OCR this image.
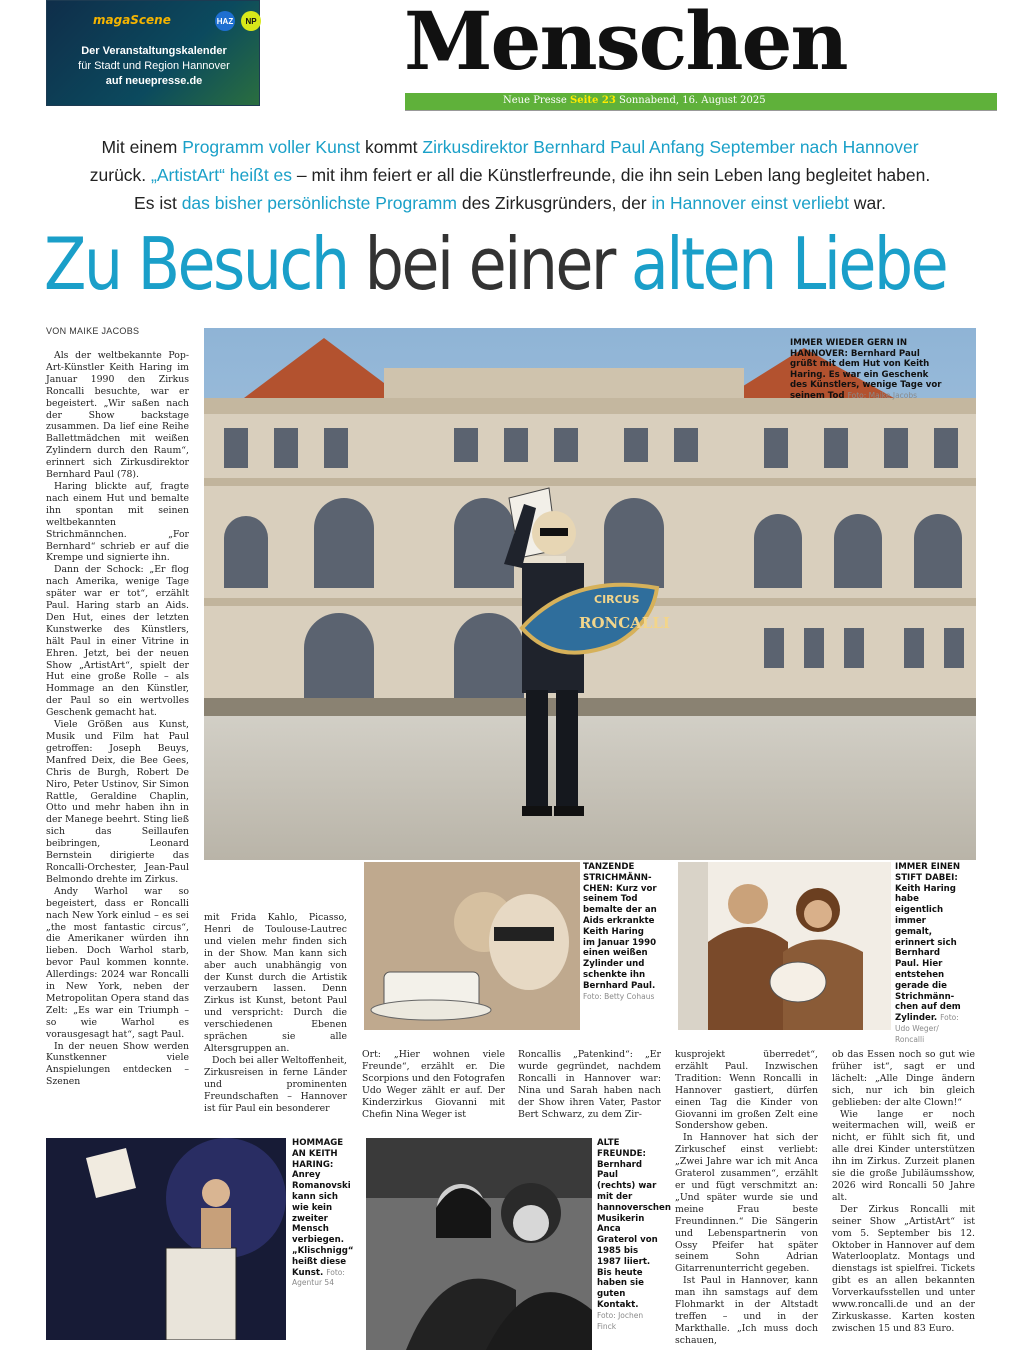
magaScene	HAZ	NP
Der Veranstaltungskalender
für Stadt und Region Hannover
auf neuepresse.de	Menschen
Neue Presse Seite 23 Sonnabend, 16. August 2025
Mit einem Programm voller Kunst kommt Zirkusdirektor Bernhard Paul Anfang September nach Hannover
zurück. „ArtistArt“ heißt es – mit ihm feiert er all die Künstlerfreunde, die ihn sein Leben lang begleitet haben.
Es ist das bisher persönlichste Programm des Zirkusgründers, der in Hannover einst verliebt war.
Zu Besuch bei einer alten Liebe
VON MAIKE JACOBS

Als der weltbekannte Pop-Art-Künstler Keith Haring im Januar 1990 den Zirkus Roncalli besuchte, war er begeistert. „Wir saßen nach der Show backstage zusammen. Da lief eine Reihe Ballettmädchen mit weißen Zylindern durch den Raum“, erinnert sich Zirkusdirektor Bernhard Paul (78).

Haring blickte auf, fragte nach einem Hut und bemalte ihn spontan mit seinen weltbekannten Strichmännchen. „For Bernhard“ schrieb er auf die Krempe und signierte ihn.

Dann der Schock: „Er flog nach Amerika, wenige Tage später war er tot“, erzählt Paul. Haring starb an Aids. Den Hut, eines der letzten Kunstwerke des Künstlers, hält Paul in einer Vitrine in Ehren. Jetzt, bei der neuen Show „ArtistArt“, spielt der Hut eine große Rolle – als Hommage an den Künstler, der Paul so ein wertvolles Geschenk gemacht hat.

Viele Größen aus Kunst, Musik und Film hat Paul getroffen: Joseph Beuys, Manfred Deix, die Bee Gees, Chris de Burgh, Robert De Niro, Peter Ustinov, Sir Simon Rattle, Geraldine Chaplin, Otto und mehr haben ihn in der Manege beehrt. Sting ließ sich das Seillaufen beibringen, Leonard Bernstein dirigierte das Roncalli-Orchester, Jean-Paul Belmondo drehte im Zirkus.

Andy Warhol war so begeistert, dass er Roncalli nach New York einlud – es sei „the most fantastic circus“, die Amerikaner würden ihn lieben. Doch Warhol starb, bevor Paul kommen konnte. Allerdings: 2024 war Roncalli in New York, neben der Metropolitan Opera stand das Zelt: „Es war ein Triumph – so wie Warhol es vorausgesagt hat“, sagt Paul.

In der neuen Show werden Kunstkenner viele Anspielungen entdecken – Szenen

CIRCUS
RONCALLI
IMMER WIEDER GERN IN HANNOVER: Bernhard Paul grüßt mit dem Hut von Keith Haring. Es war ein Geschenk des Künstlers, wenige Tage vor seinem Tod Foto: Maike Jacobs
TANZENDE STRICHMÄNN-CHEN: Kurz vor seinem Tod bemalte der an Aids erkrankte Keith Haring im Januar 1990 einen weißen Zylinder und schenkte ihn Bernhard Paul. Foto: Betty Cohaus
IMMER EINEN STIFT DABEI: Keith Haring habe eigentlich immer gemalt, erinnert sich Bernhard Paul. Hier entstehen gerade die Strichmänn-chen auf dem Zylinder. Foto: Udo Weger/ Roncalli

mit Frida Kahlo, Picasso, Henri de Toulouse-Lautrec und vielen mehr finden sich in der Show. Man kann sich aber auch unabhängig von der Kunst durch die Artistik verzaubern lassen. Denn Zirkus ist Kunst, betont Paul und verspricht: Durch die verschiedenen Ebenen sprächen sie alle Altersgruppen an.

Doch bei aller Weltoffenheit, Zirkusreisen in ferne Länder und prominenten Freundschaften – Hannover ist für Paul ein besonderer

Ort: „Hier wohnen viele Freunde“, erzählt er. Die Scorpions und den Fotografen Udo Weger zählt er auf. Der Kinderzirkus Giovanni mit Chefin Nina Weger ist

Roncallis „Patenkind“: „Er wurde gegründet, nachdem Roncalli in Hannover war: Nina und Sarah haben nach der Show ihren Vater, Pastor Bert Schwarz, zu dem Zir-

kusprojekt überredet“, erzählt Paul. Inzwischen Tradition: Wenn Roncalli in Hannover gastiert, dürfen einen Tag die Kinder von Giovanni im großen Zelt eine Sondershow geben.

In Hannover hat sich der Zirkuschef einst verliebt: „Zwei Jahre war ich mit Anca Graterol zusammen“, erzählt er und fügt verschmitzt an: „Und später wurde sie und meine Frau beste Freundinnen.“ Die Sängerin und Lebenspartnerin von Ossy Pfeifer hat später seinem Sohn Adrian Gitarrenunterricht gegeben.

Ist Paul in Hannover, kann man ihn samstags auf dem Flohmarkt in der Altstadt treffen – und in der Markthalle. „Ich muss doch schauen,

ob das Essen noch so gut wie früher ist“, sagt er und lächelt: „Alle Dinge ändern sich, nur ich bin gleich geblieben: der alte Clown!“

Wie lange er noch weitermachen will, weiß er nicht, er fühlt sich fit, und alle drei Kinder unterstützen ihn im Zirkus. Zurzeit planen sie die große Jubiläumsshow, 2026 wird Roncalli 50 Jahre alt.

Der Zirkus Roncalli mit seiner Show „ArtistArt“ ist vom 5. September bis 12. Oktober in Hannover auf dem Waterlooplatz. Montags und dienstags ist spielfrei. Tickets gibt es an allen bekannten Vorverkaufsstellen und unter www.roncalli.de und an der Zirkuskasse. Karten kosten zwischen 15 und 83 Euro.

HOMMAGE AN KEITH HARING: Anrey Romanovski kann sich wie kein zweiter Mensch verbiegen. „Klischnigg“ heißt diese Kunst. Foto: Agentur 54
ALTE FREUNDE: Bernhard Paul (rechts) war mit der hannoverschen Musikerin Anca Graterol von 1985 bis 1987 liiert. Bis heute haben sie guten Kontakt. Foto: Jochen Finck
